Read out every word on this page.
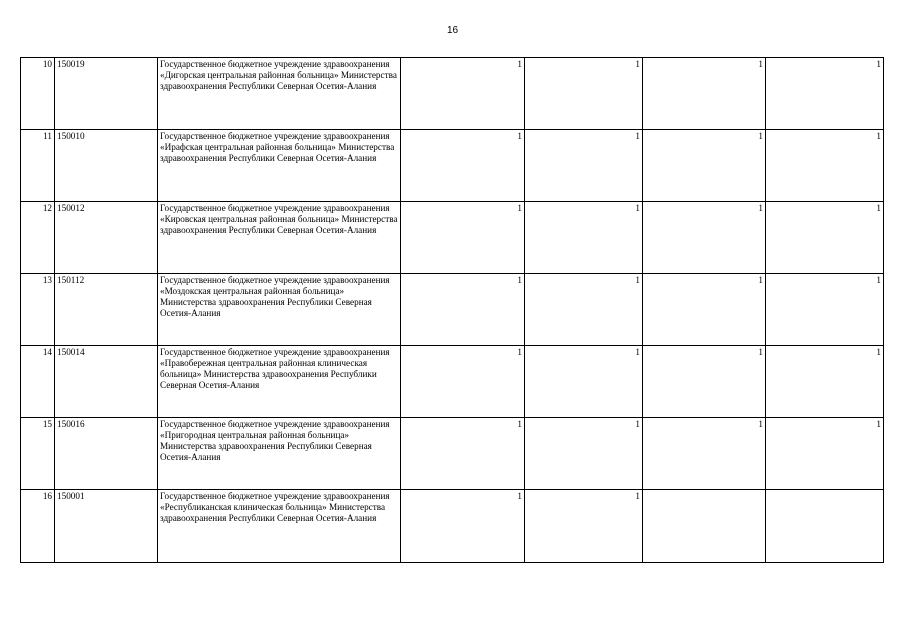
16
10	150019	Государственное бюджетное учреждение здравоохранения «Дигорская центральная районная больница» Министерства здравоохранения Республики Северная Осетия-Алания	1	1	1	1
11	150010	Государственное бюджетное учреждение здравоохранения «Ирафская центральная районная больница» Министерства здравоохранения Республики Северная Осетия-Алания	1	1	1	1
12	150012	Государственное бюджетное учреждение здравоохранения «Кировская центральная районная больница» Министерства здравоохранения Республики Северная Осетия-Алания	1	1	1	1
13	150112	Государственное бюджетное учреждение здравоохранения «Моздокская центральная районная больница» Министерства здравоохранения Республики Северная Осетия-Алания	1	1	1	1
14	150014	Государственное бюджетное учреждение здравоохранения «Правобережная центральная районная клиническая больница» Министерства здравоохранения Республики Северная Осетия-Алания	1	1	1	1
15	150016	Государственное бюджетное учреждение здравоохранения «Пригородная центральная районная больница» Министерства здравоохранения Республики Северная Осетия-Алания	1	1	1	1
16	150001	Государственное бюджетное учреждение здравоохранения «Республиканская клиническая больница» Министерства здравоохранения Республики Северная Осетия-Алания	1	1		
